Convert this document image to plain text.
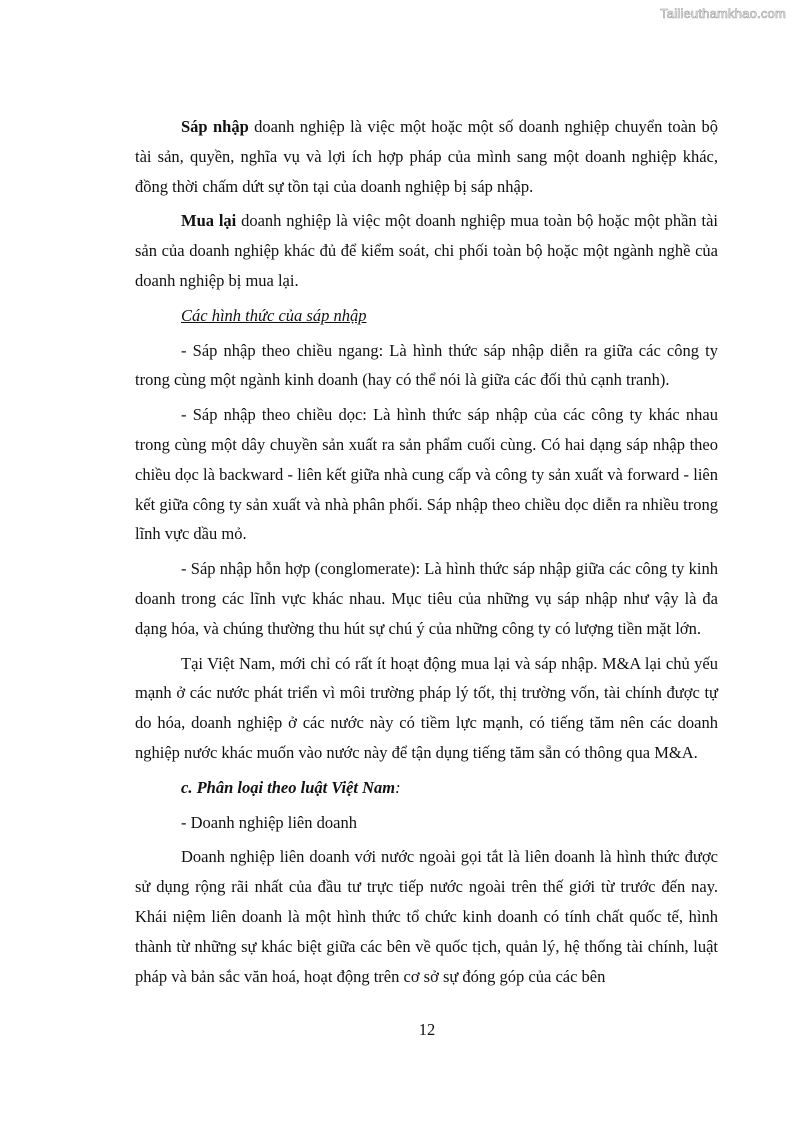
Tailieuthamkhao.com

Sáp nhập doanh nghiệp là việc một hoặc một số doanh nghiệp chuyển toàn bộ tài sản, quyền, nghĩa vụ và lợi ích hợp pháp của mình sang một doanh nghiệp khác, đồng thời chấm dứt sự tồn tại của doanh nghiệp bị sáp nhập.

Mua lại doanh nghiệp là việc một doanh nghiệp mua toàn bộ hoặc một phần tài sản của doanh nghiệp khác đủ để kiểm soát, chi phối toàn bộ hoặc một ngành nghề của doanh nghiệp bị mua lại.

Các hình thức của sáp nhập

- Sáp nhập theo chiều ngang: Là hình thức sáp nhập diễn ra giữa các công ty trong cùng một ngành kinh doanh (hay có thể nói là giữa các đối thủ cạnh tranh).

- Sáp nhập theo chiều dọc: Là hình thức sáp nhập của các công ty khác nhau trong cùng một dây chuyền sản xuất ra sản phẩm cuối cùng. Có hai dạng sáp nhập theo chiều dọc là backward - liên kết giữa nhà cung cấp và công ty sản xuất và forward - liên kết giữa công ty sản xuất và nhà phân phối. Sáp nhập theo chiều dọc diễn ra nhiều trong lĩnh vực dầu mỏ.

- Sáp nhập hỗn hợp (conglomerate): Là hình thức sáp nhập giữa các công ty kinh doanh trong các lĩnh vực khác nhau. Mục tiêu của những vụ sáp nhập như vậy là đa dạng hóa, và chúng thường thu hút sự chú ý của những công ty có lượng tiền mặt lớn.

Tại Việt Nam, mới chỉ có rất ít hoạt động mua lại và sáp nhập. M&A lại chủ yếu mạnh ở các nước phát triển vì môi trường pháp lý tốt, thị trường vốn, tài chính được tự do hóa, doanh nghiệp ở các nước này có tiềm lực mạnh, có tiếng tăm nên các doanh nghiệp nước khác muốn vào nước này để tận dụng tiếng tăm sẵn có thông qua M&A.

c. Phân loại theo luật Việt Nam:

- Doanh nghiệp liên doanh

Doanh nghiệp liên doanh với nước ngoài gọi tắt là liên doanh là hình thức được sử dụng rộng rãi nhất của đầu tư trực tiếp nước ngoài trên thế giới từ trước đến nay. Khái niệm liên doanh là một hình thức tổ chức kinh doanh có tính chất quốc tế, hình thành từ những sự khác biệt giữa các bên về quốc tịch, quản lý, hệ thống tài chính, luật pháp và bản sắc văn hoá, hoạt động trên cơ sở sự đóng góp của các bên

12
